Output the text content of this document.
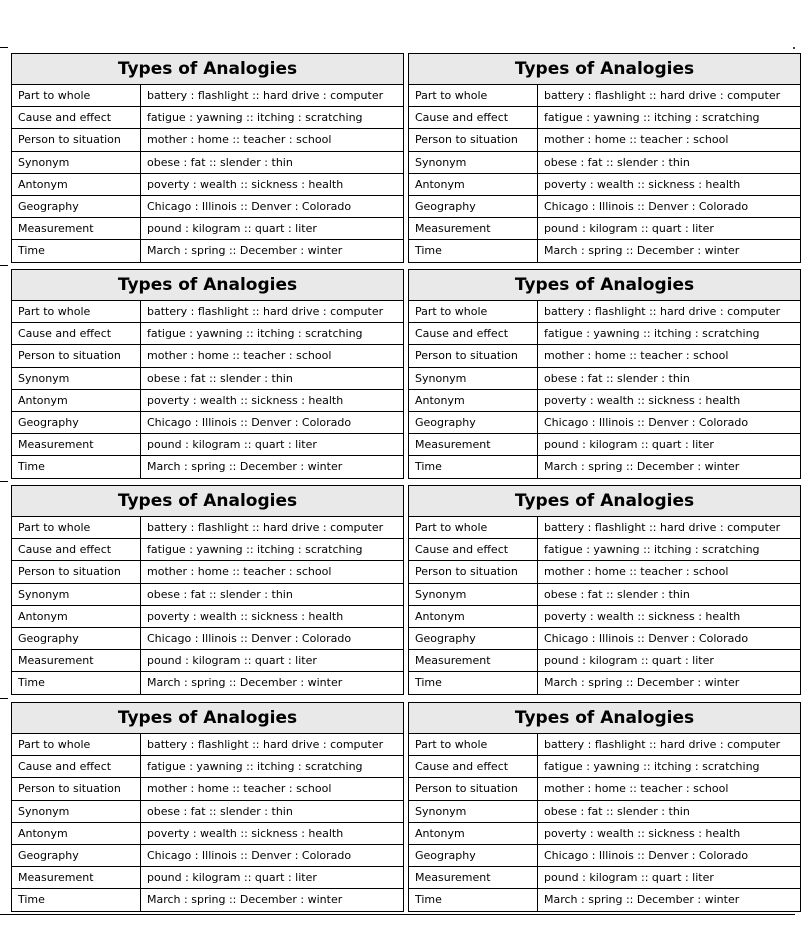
Types of Analogies
Part to whole	battery : flashlight :: hard drive : computer
Cause and effect	fatigue : yawning :: itching : scratching
Person to situation	mother : home :: teacher : school
Synonym	obese : fat :: slender : thin
Antonym	poverty : wealth :: sickness : health
Geography	Chicago : Illinois :: Denver : Colorado
Measurement	pound : kilogram :: quart : liter
Time	March : spring :: December : winter
Types of Analogies
Part to whole	battery : flashlight :: hard drive : computer
Cause and effect	fatigue : yawning :: itching : scratching
Person to situation	mother : home :: teacher : school
Synonym	obese : fat :: slender : thin
Antonym	poverty : wealth :: sickness : health
Geography	Chicago : Illinois :: Denver : Colorado
Measurement	pound : kilogram :: quart : liter
Time	March : spring :: December : winter
Types of Analogies
Part to whole	battery : flashlight :: hard drive : computer
Cause and effect	fatigue : yawning :: itching : scratching
Person to situation	mother : home :: teacher : school
Synonym	obese : fat :: slender : thin
Antonym	poverty : wealth :: sickness : health
Geography	Chicago : Illinois :: Denver : Colorado
Measurement	pound : kilogram :: quart : liter
Time	March : spring :: December : winter
Types of Analogies
Part to whole	battery : flashlight :: hard drive : computer
Cause and effect	fatigue : yawning :: itching : scratching
Person to situation	mother : home :: teacher : school
Synonym	obese : fat :: slender : thin
Antonym	poverty : wealth :: sickness : health
Geography	Chicago : Illinois :: Denver : Colorado
Measurement	pound : kilogram :: quart : liter
Time	March : spring :: December : winter
Types of Analogies
Part to whole	battery : flashlight :: hard drive : computer
Cause and effect	fatigue : yawning :: itching : scratching
Person to situation	mother : home :: teacher : school
Synonym	obese : fat :: slender : thin
Antonym	poverty : wealth :: sickness : health
Geography	Chicago : Illinois :: Denver : Colorado
Measurement	pound : kilogram :: quart : liter
Time	March : spring :: December : winter
Types of Analogies
Part to whole	battery : flashlight :: hard drive : computer
Cause and effect	fatigue : yawning :: itching : scratching
Person to situation	mother : home :: teacher : school
Synonym	obese : fat :: slender : thin
Antonym	poverty : wealth :: sickness : health
Geography	Chicago : Illinois :: Denver : Colorado
Measurement	pound : kilogram :: quart : liter
Time	March : spring :: December : winter
Types of Analogies
Part to whole	battery : flashlight :: hard drive : computer
Cause and effect	fatigue : yawning :: itching : scratching
Person to situation	mother : home :: teacher : school
Synonym	obese : fat :: slender : thin
Antonym	poverty : wealth :: sickness : health
Geography	Chicago : Illinois :: Denver : Colorado
Measurement	pound : kilogram :: quart : liter
Time	March : spring :: December : winter
Types of Analogies
Part to whole	battery : flashlight :: hard drive : computer
Cause and effect	fatigue : yawning :: itching : scratching
Person to situation	mother : home :: teacher : school
Synonym	obese : fat :: slender : thin
Antonym	poverty : wealth :: sickness : health
Geography	Chicago : Illinois :: Denver : Colorado
Measurement	pound : kilogram :: quart : liter
Time	March : spring :: December : winter
